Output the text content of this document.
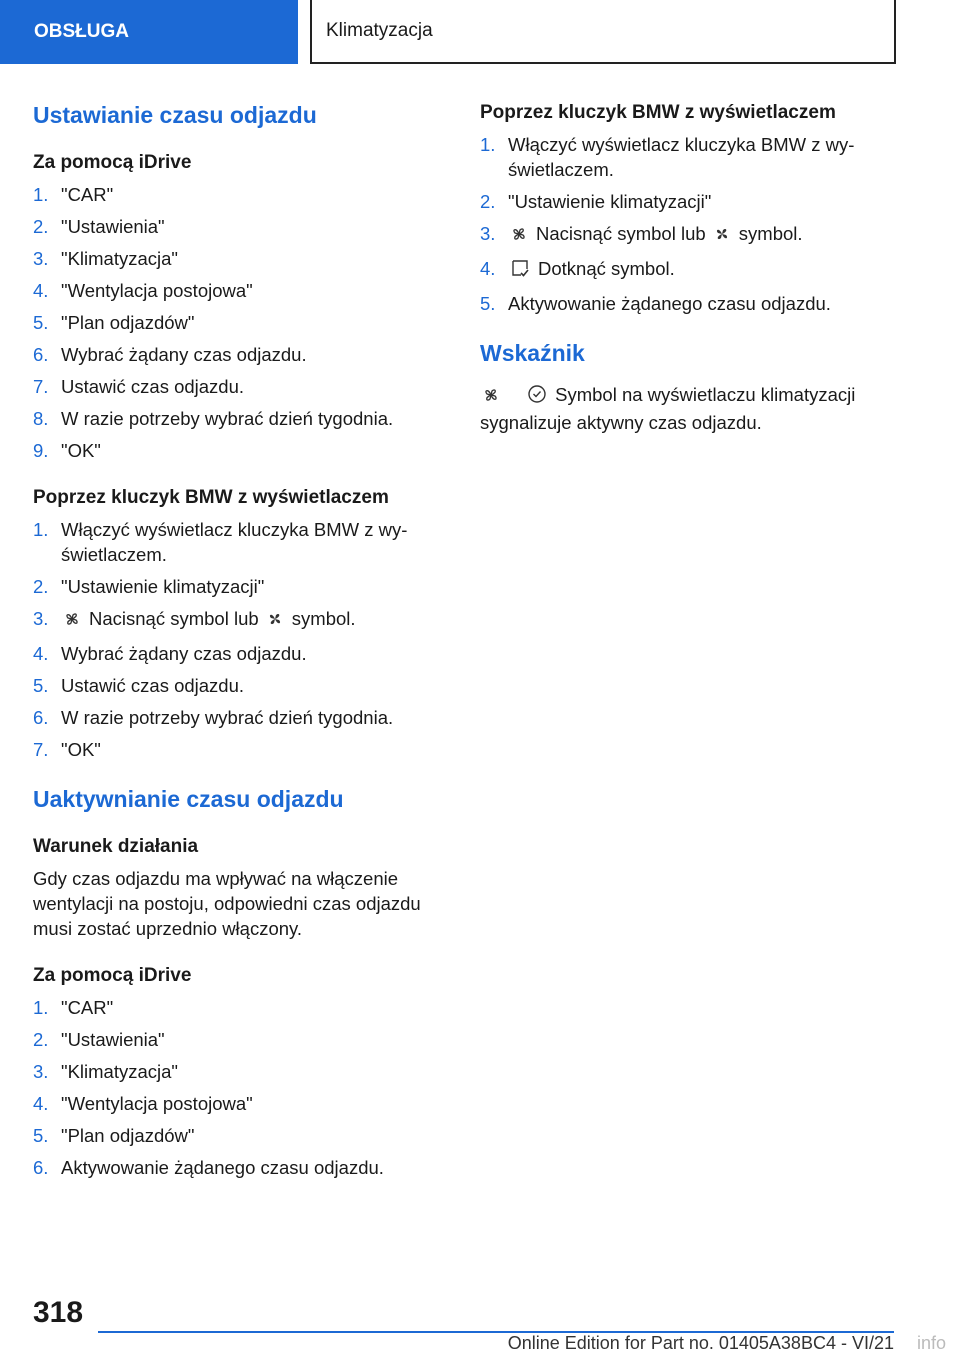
OBSŁUGA	Klimatyzacja
Ustawianie czasu odjazdu
Za pomocą iDrive
1. "CAR"
2. "Ustawienia"
3. "Klimatyzacja"
4. "Wentylacja postojowa"
5. "Plan odjazdów"
6. Wybrać żądany czas odjazdu.
7. Ustawić czas odjazdu.
8. W razie potrzeby wybrać dzień tygodnia.
9. "OK"
Poprzez kluczyk BMW z wyświetlaczem
1. Włączyć wyświetlacz kluczyka BMW z wy-świetlaczem.
2. "Ustawienie klimatyzacji"
3.	Nacisnąć symbol lub symbol.
4. Wybrać żądany czas odjazdu.
5. Ustawić czas odjazdu.
6. W razie potrzeby wybrać dzień tygodnia.
7. "OK"
Uaktywnianie czasu odjazdu
Warunek działania

Gdy czas odjazdu ma wpływać na włączenie wentylacji na postoju, odpowiedni czas odjazdu musi zostać uprzednio włączony.

Za pomocą iDrive
1. "CAR"
2. "Ustawienia"
3. "Klimatyzacja"
4. "Wentylacja postojowa"
5. "Plan odjazdów"
6. Aktywowanie żądanego czasu odjazdu.
Poprzez kluczyk BMW z wyświetlaczem
1. Włączyć wyświetlacz kluczyka BMW z wy-świetlaczem.
2. "Ustawienie klimatyzacji"
3.	Nacisnąć symbol lub symbol.
4.	Dotknąć symbol.
5. Aktywowanie żądanego czasu odjazdu.
Wskaźnik

Symbol na wyświetlaczu klimatyzacji
sygnalizuje aktywny czas odjazdu.

318
Online Edition for Part no. 01405A38BC4 - VI/21 info
